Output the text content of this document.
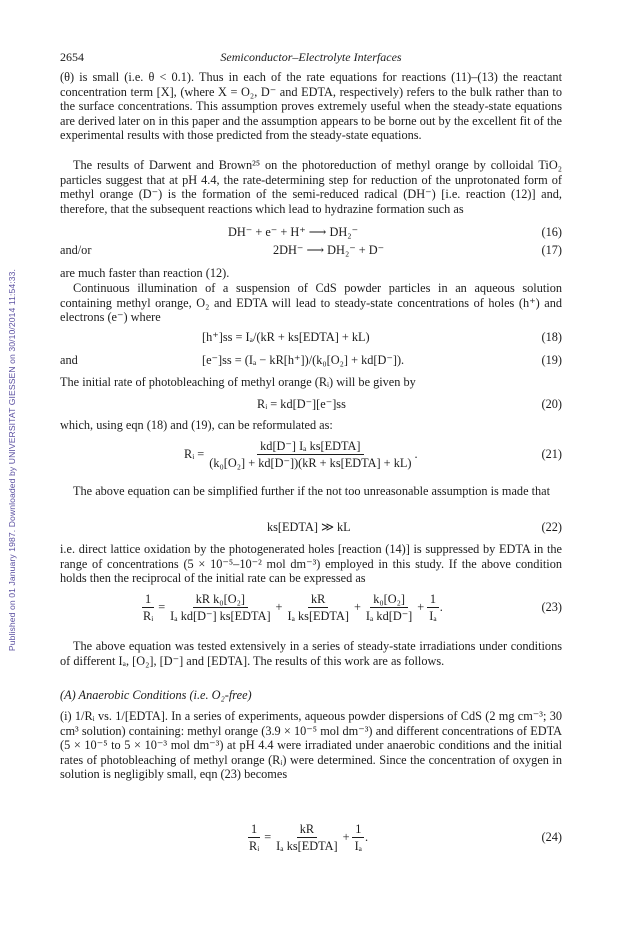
Published on 01 January 1987. Downloaded by UNIVERSITAT GIESSEN on 30/10/2014 11:54:33.
2654	Semiconductor–Electrolyte Interfaces
(θ) is small (i.e. θ < 0.1). Thus in each of the rate equations for reactions (11)–(13) the reactant concentration term [X], (where X = O₂, D⁻ and EDTA, respectively) refers to the bulk rather than to the surface concentrations. This assumption proves extremely useful when the steady-state equations are derived later on in this paper and the assumption appears to be borne out by the excellent fit of the experimental results with those predicted from the steady-state equations.
The results of Darwent and Brown²⁵ on the photoreduction of methyl orange by colloidal TiO₂ particles suggest that at pH 4.4, the rate-determining step for reduction of the unprotonated form of methyl orange (D⁻) is the formation of the semi-reduced radical (DH⁻) [i.e. reaction (12)] and, therefore, that the subsequent reactions which lead to hydrazine formation such as
DH⁻ + e⁻ + H⁺ ⟶ DH₂⁻	(16)
and/or	2DH⁻ ⟶ DH₂⁻ + D⁻	(17)
are much faster than reaction (12).
Continuous illumination of a suspension of CdS powder particles in an aqueous solution containing methyl orange, O₂ and EDTA will lead to steady-state concentrations of holes (h⁺) and electrons (e⁻) where
[h⁺]ss = Iₐ/(kR + ks[EDTA] + kL)	(18)
and	[e⁻]ss = (Iₐ − kR[h⁺])/(k₀[O₂] + kd[D⁻]).	(19)
The initial rate of photobleaching of methyl orange (Rᵢ) will be given by
Rᵢ = kd[D⁻][e⁻]ss	(20)
which, using eqn (18) and (19), can be reformulated as:
Rᵢ =
kd[D⁻] Iₐ ks[EDTA]
(k₀[O₂] + kd[D⁻])(kR + ks[EDTA] + kL)
.	(21)
The above equation can be simplified further if the not too unreasonable assumption is made that
ks[EDTA] ≫ kL	(22)
i.e. direct lattice oxidation by the photogenerated holes [reaction (14)] is suppressed by EDTA in the range of concentrations (5 × 10⁻⁵–10⁻² mol dm⁻³) employed in this study. If the above condition holds then the reciprocal of the initial rate can be expressed as
$\frac{1}{\text{Rᵢ}}$ =
kR k₀[O₂]
Iₐ kd[D⁻] ks[EDTA]
+
kR
Iₐ ks[EDTA]
+ $\frac{\text{k₀[O₂]}}{\text{Iₐ kd[D⁻]}} + \frac{1}{\text{Iₐ}}$ .	(23)
The above equation was tested extensively in a series of steady-state irradiations under conditions of different Iₐ, [O₂], [D⁻] and [EDTA]. The results of this work are as follows.
(A) Anaerobic Conditions (i.e. O₂-free)
(i) 1/Rᵢ vs. 1/[EDTA]. In a series of experiments, aqueous powder dispersions of CdS (2 mg cm⁻³; 30 cm³ solution) containing: methyl orange (3.9 × 10⁻⁵ mol dm⁻³) and different concentrations of EDTA (5 × 10⁻⁵ to 5 × 10⁻³ mol dm⁻³) at pH 4.4 were irradiated under anaerobic conditions and the initial rates of photobleaching of methyl orange (Rᵢ) were determined. Since the concentration of oxygen in solution is negligibly small, eqn (23) becomes
$\frac{1}{\text{Rᵢ}}$ =
kR
Iₐ ks[EDTA]
+ $\frac{1}{\text{Iₐ}}$ .	(24)
